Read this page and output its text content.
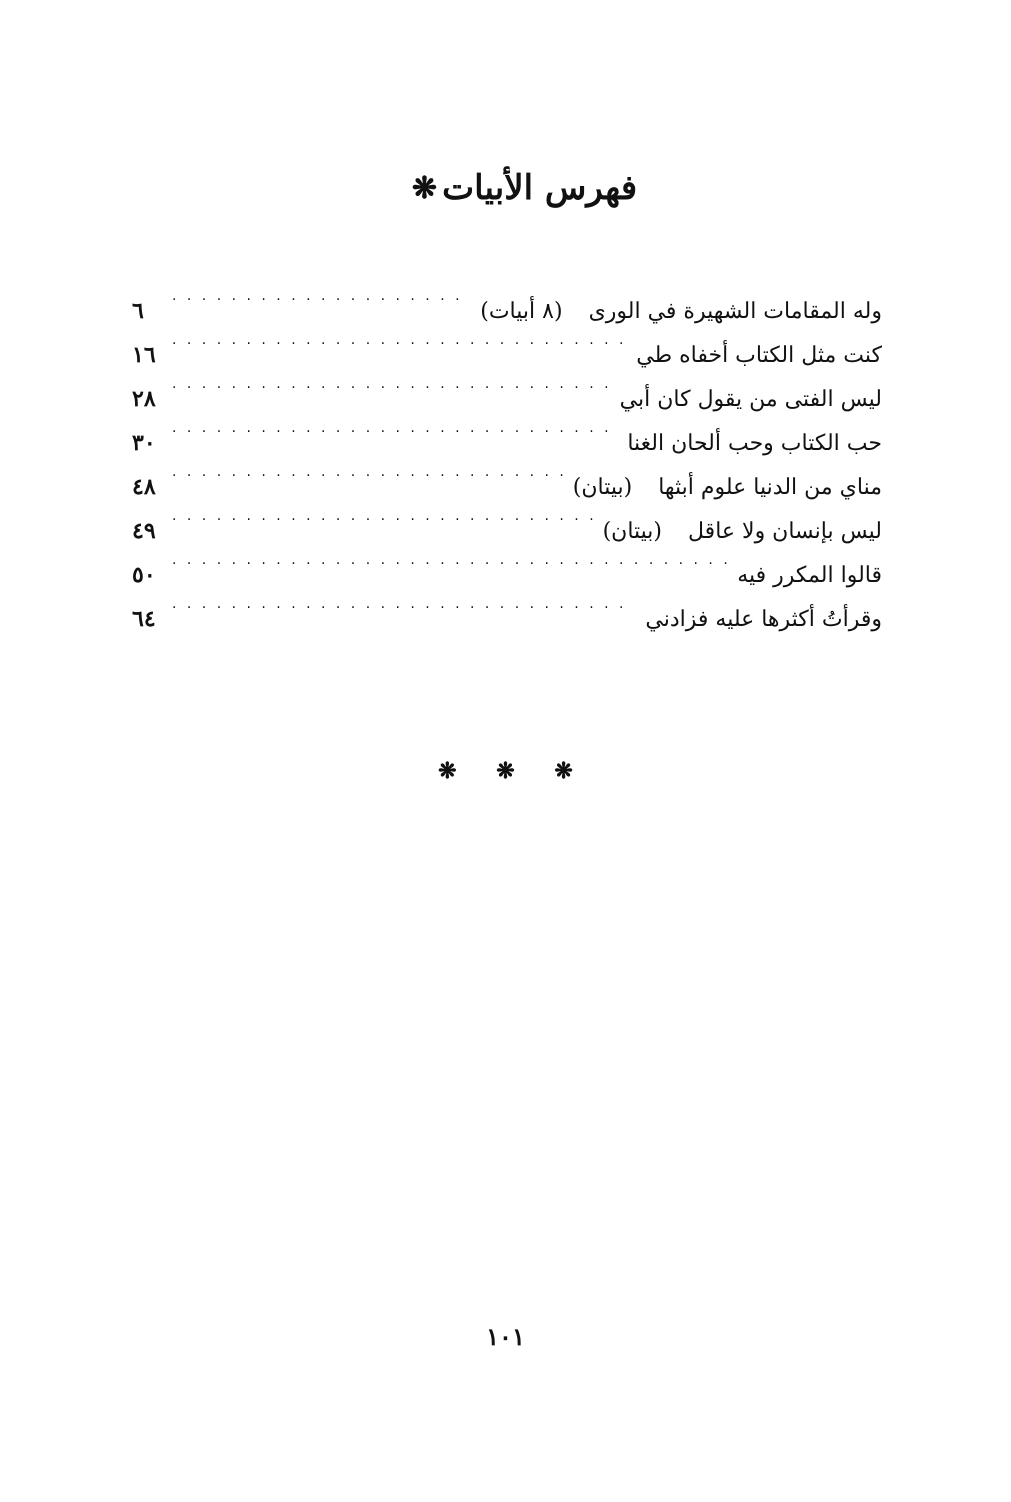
فهرس الأبيات ❋
وله المقامات الشهيرة في الورى
(٨ أبيات)
. . .
٦
كنت مثل الكتاب أخفاه طي
. . .
١٦
ليس الفتى من يقول كان أبي
. . .
٢٨
حب الكتاب وحب ألحان الغنا
. . .
٣٠
مناي من الدنيا علوم أبثها
(بيتان)
. . .
٤٨
ليس بإنسان ولا عاقل
(بيتان)
. . .
٤٩
قالوا المكرر فيه
. . .
٥٠
وقرأتُ أكثرها عليه فزادني
. . .
٦٤
❋ ❋ ❋
١٠١
